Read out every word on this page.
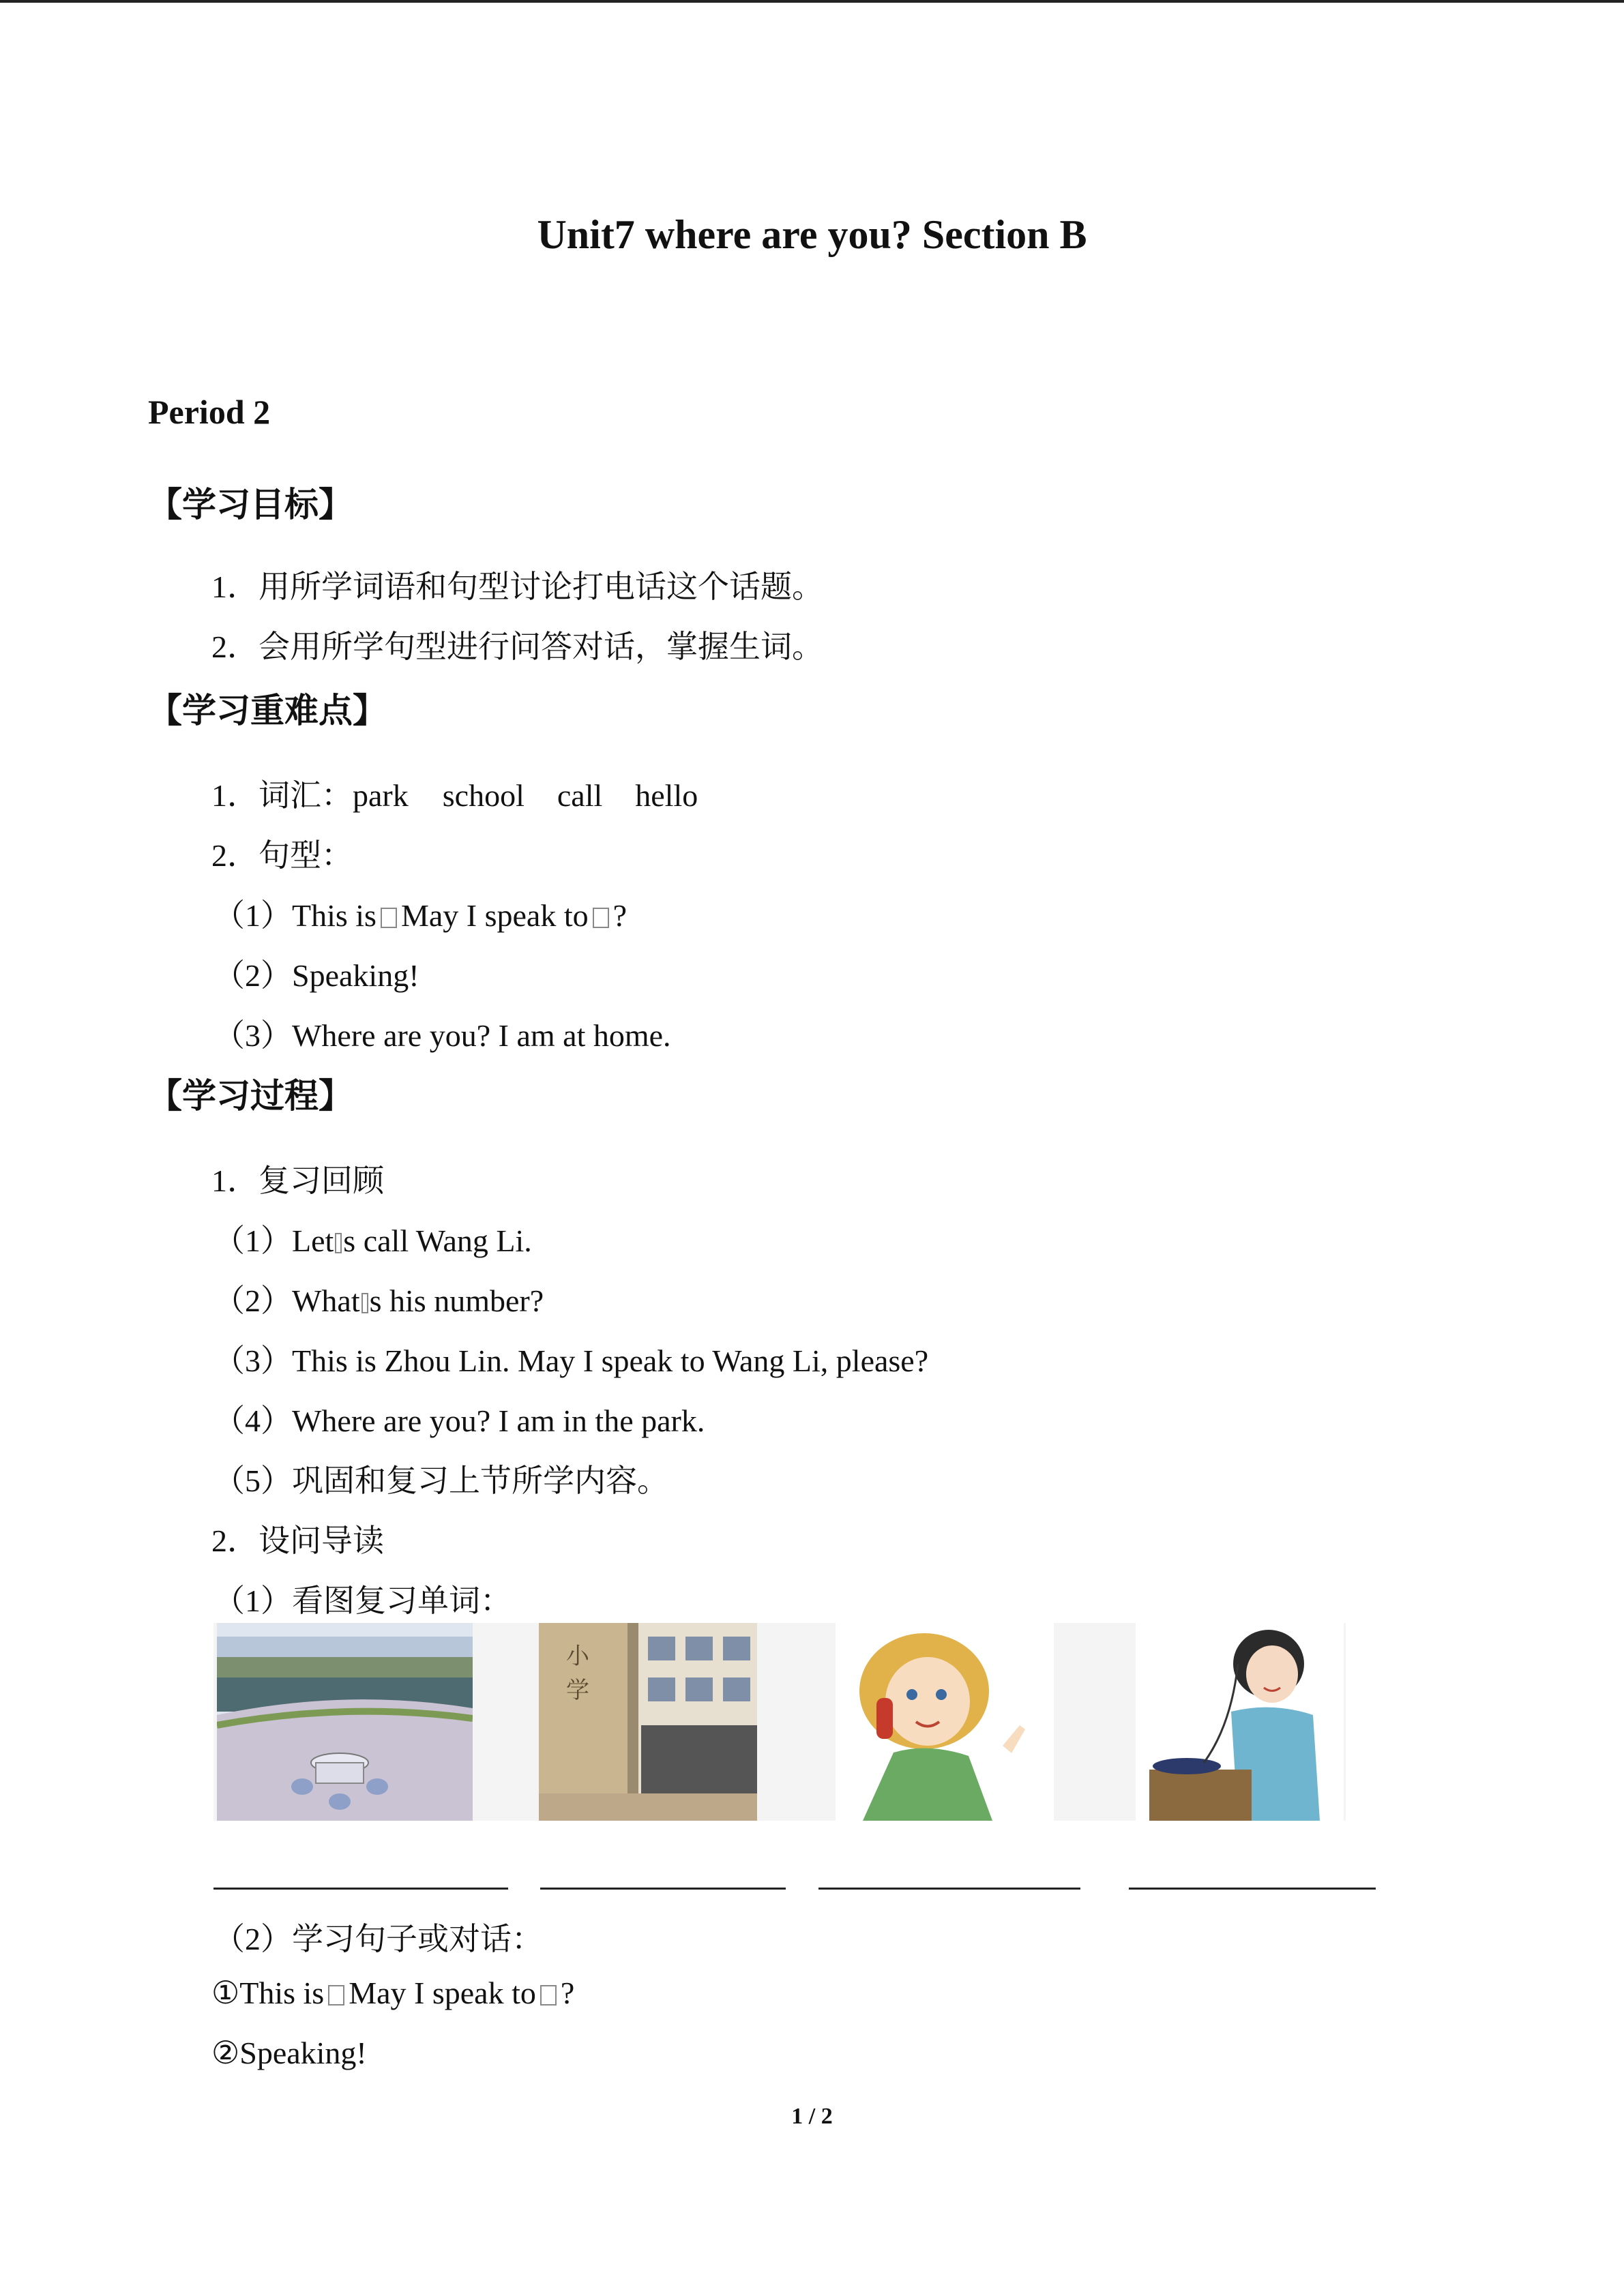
Unit7 where are you? Section B
Period 2
【学习目标】
1．用所学词语和句型讨论打电话这个话题。
2．会用所学句型进行问答对话，掌握生词。
【学习重难点】
1．词汇：park school call hello
2．句型：
（1）This is May I speak to ?
（2）Speaking!
（3）Where are you? I am at home.
【学习过程】
1．复习回顾
（1）Let s call Wang Li.
（2）What s his number?
（3）This is Zhou Lin. May I speak to Wang Li, please?
（4）Where are you? I am in the park.
（5）巩固和复习上节所学内容。
2．设问导读
（1）看图复习单词：
小
学
（2）学习句子或对话：
①This is May I speak to ?
②Speaking!
1 / 2
